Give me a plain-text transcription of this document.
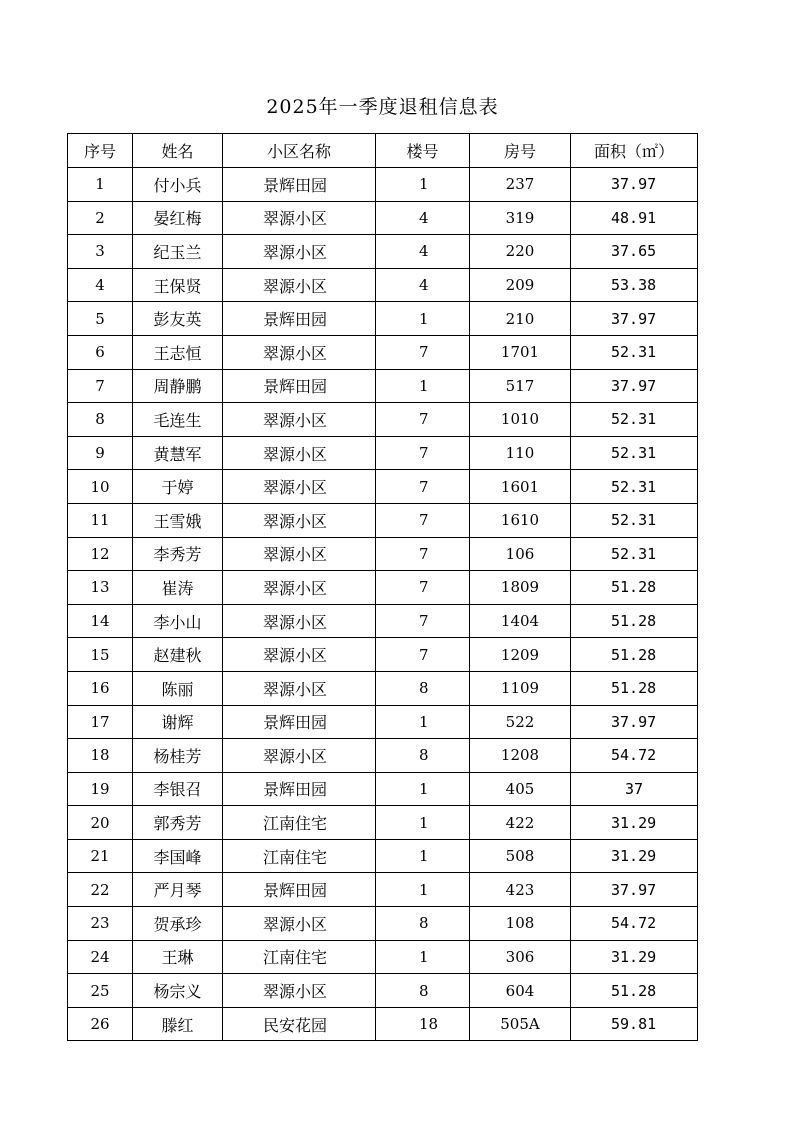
2025年一季度退租信息表
序号	姓名	小区名称	楼号	房号	面积（㎡）
1	付小兵	景辉田园	1	237	37.97
2	晏红梅	翠源小区	4	319	48.91
3	纪玉兰	翠源小区	4	220	37.65
4	王保贤	翠源小区	4	209	53.38
5	彭友英	景辉田园	1	210	37.97
6	王志恒	翠源小区	7	1701	52.31
7	周静鹏	景辉田园	1	517	37.97
8	毛连生	翠源小区	7	1010	52.31
9	黄慧军	翠源小区	7	110	52.31
10	于婷	翠源小区	7	1601	52.31
11	王雪娥	翠源小区	7	1610	52.31
12	李秀芳	翠源小区	7	106	52.31
13	崔涛	翠源小区	7	1809	51.28
14	李小山	翠源小区	7	1404	51.28
15	赵建秋	翠源小区	7	1209	51.28
16	陈丽	翠源小区	8	1109	51.28
17	谢辉	景辉田园	1	522	37.97
18	杨桂芳	翠源小区	8	1208	54.72
19	李银召	景辉田园	1	405	37
20	郭秀芳	江南住宅	1	422	31.29
21	李国峰	江南住宅	1	508	31.29
22	严月琴	景辉田园	1	423	37.97
23	贺承珍	翠源小区	8	108	54.72
24	王琳	江南住宅	1	306	31.29
25	杨宗义	翠源小区	8	604	51.28
26	滕红	民安花园	18	505A	59.81
